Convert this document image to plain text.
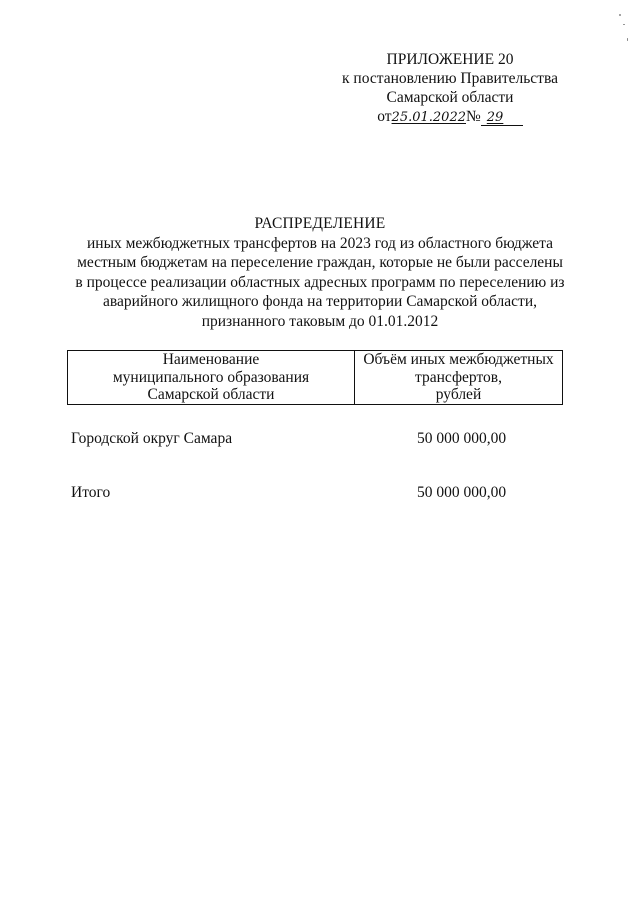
ПРИЛОЖЕНИЕ 20
к постановлению Правительства
Самарской области
от25.01.2022№ 29
РАСПРЕДЕЛЕНИЕ
иных межбюджетных трансфертов на 2023 год из областного бюджета
местным бюджетам на переселение граждан, которые не были расселены
в процессе реализации областных адресных программ по переселению из
аварийного жилищного фонда на территории Самарской области,
признанного таковым до 01.01.2012
Наименование
муниципального образования
Самарской области
Объём иных межбюджетных
трансфертов,
рублей
Городской округ Самара	50 000 000,00
Итого	50 000 000,00
